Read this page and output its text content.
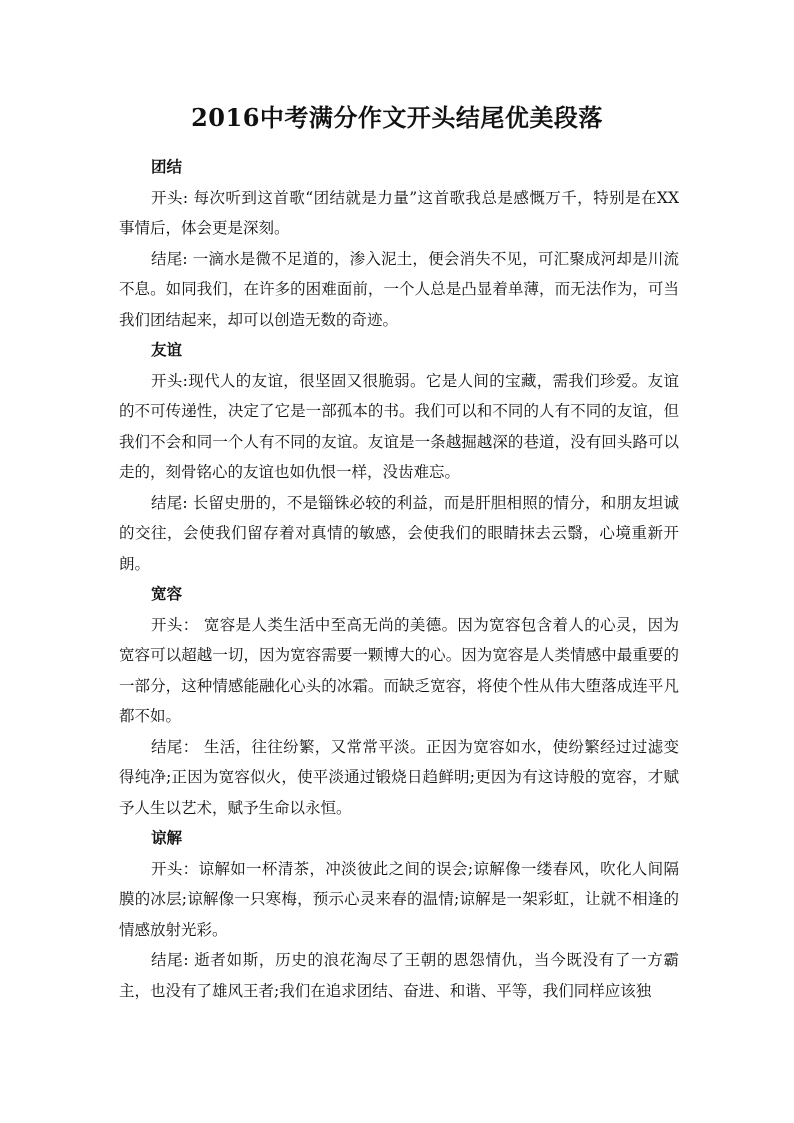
2016中考满分作文开头结尾优美段落

团结

开头: 每次听到这首歌“团结就是力量”这首歌我总是感慨万千，特别是在XX事情后，体会更是深刻。

结尾: 一滴水是微不足道的，渗入泥土，便会消失不见，可汇聚成河却是川流不息。如同我们，在许多的困难面前，一个人总是凸显着单薄，而无法作为，可当我们团结起来，却可以创造无数的奇迹。

友谊

开头:现代人的友谊，很坚固又很脆弱。它是人间的宝藏，需我们珍爱。友谊的不可传递性，决定了它是一部孤本的书。我们可以和不同的人有不同的友谊，但我们不会和同一个人有不同的友谊。友谊是一条越掘越深的巷道，没有回头路可以走的，刻骨铭心的友谊也如仇恨一样，没齿难忘。

结尾: 长留史册的，不是锱铢必较的利益，而是肝胆相照的情分，和朋友坦诚的交往，会使我们留存着对真情的敏感，会使我们的眼睛抹去云翳，心境重新开朗。

宽容

开头： 宽容是人类生活中至高无尚的美德。因为宽容包含着人的心灵，因为宽容可以超越一切，因为宽容需要一颗博大的心。因为宽容是人类情感中最重要的一部分，这种情感能融化心头的冰霜。而缺乏宽容，将使个性从伟大堕落成连平凡都不如。

结尾： 生活，往往纷繁，又常常平淡。正因为宽容如水，使纷繁经过过滤变得纯净;正因为宽容似火，使平淡通过锻烧日趋鲜明;更因为有这诗般的宽容，才赋予人生以艺术，赋予生命以永恒。

谅解

开头：谅解如一杯清茶，冲淡彼此之间的误会;谅解像一缕春风，吹化人间隔膜的冰层;谅解像一只寒梅，预示心灵来春的温情;谅解是一架彩虹，让就不相逢的情感放射光彩。

结尾: 逝者如斯，历史的浪花淘尽了王朝的恩怨情仇，当今既没有了一方霸主，也没有了雄风王者;我们在追求团结、奋进、和谐、平等，我们同样应该独
